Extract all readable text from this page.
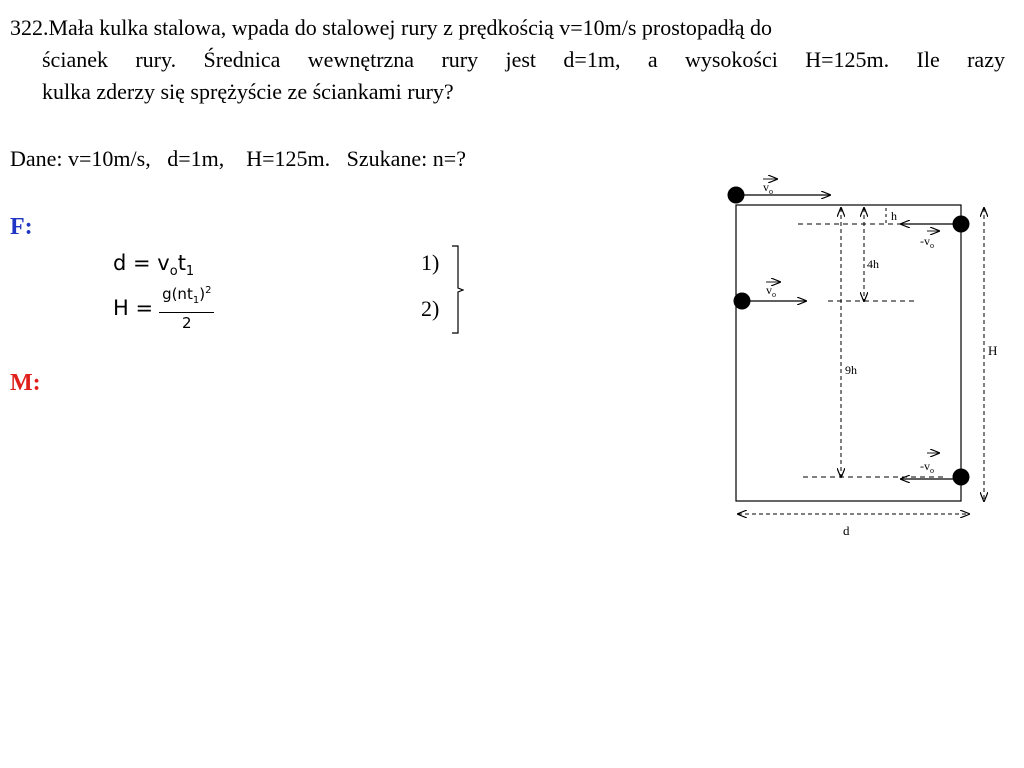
322.Mała kulka stalowa, wpada do stalowej rury z prędkością v=10m/s prostopadłą do
ścianek rury. Średnica wewnętrzna rury jest d=1m, a wysokości H=125m. Ile razy
kulka zderzy się sprężyście ze ściankami rury?
Dane: v=10m/s,   d=1m,    H=125m.   Szukane: n=?
F:
$d = v_ot_1$
$H = \frac{g(nt_1)^2}{2}$
1)
2)
M:
$v_o$
$-v_o$
h
$v_o$
$-v_o$
4h
9h
H
d
